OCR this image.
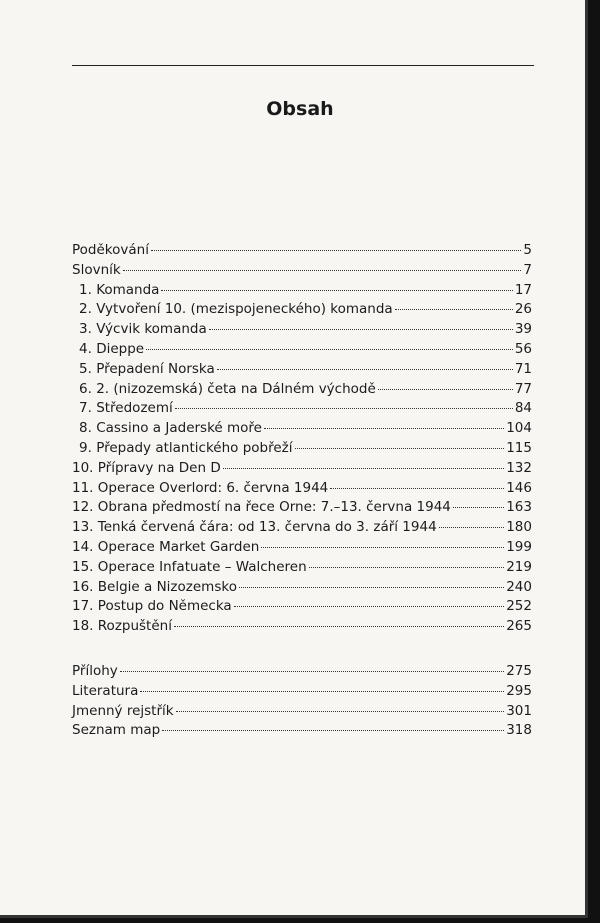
Obsah
Poděkování	5
Slovník	7
1. Komanda	17
2. Vytvoření 10. (mezispojeneckého) komanda	26
3. Výcvik komanda	39
4. Dieppe	56
5. Přepadení Norska	71
6. 2. (nizozemská) četa na Dálném východě	77
7. Středozemí	84
8. Cassino a Jaderské moře	104
9. Přepady atlantického pobřeží	115
10. Přípravy na Den D	132
11. Operace Overlord: 6. června 1944	146
12. Obrana předmostí na řece Orne: 7.–13. června 1944	163
13. Tenká červená čára: od 13. června do 3. září 1944	180
14. Operace Market Garden	199
15. Operace Infatuate – Walcheren	219
16. Belgie a Nizozemsko	240
17. Postup do Německa	252
18. Rozpuštění	265
Přílohy	275
Literatura	295
Jmenný rejstřík	301
Seznam map	318
